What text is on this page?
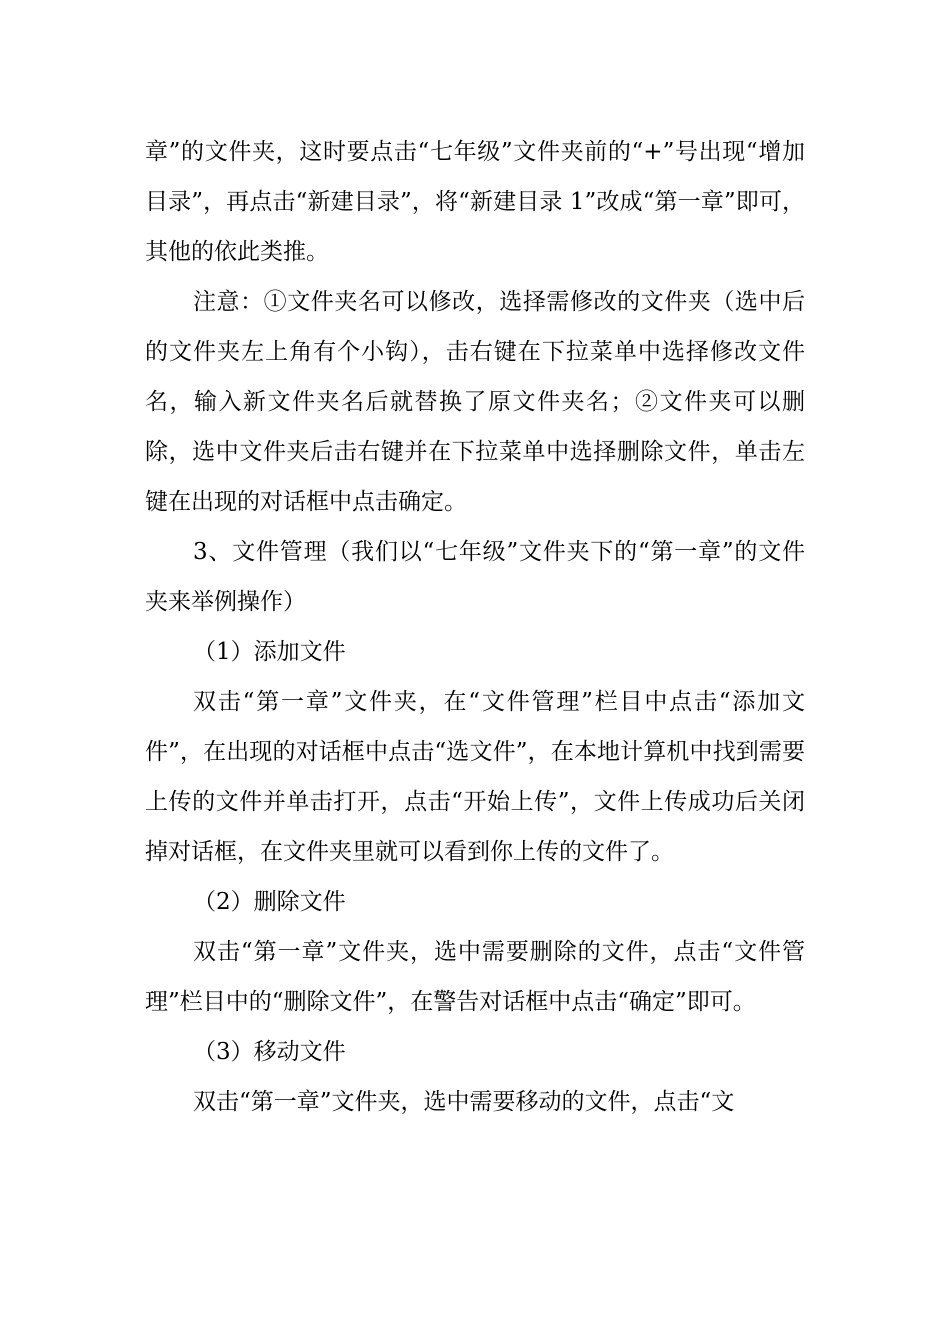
章”的文件夹，这时要点击“七年级”文件夹前的“+”号出现“增加目录”，再点击“新建目录”，将“新建目录 1”改成“第一章”即可，其他的依此类推。

注意：①文件夹名可以修改，选择需修改的文件夹（选中后的文件夹左上角有个小钩），击右键在下拉菜单中选择修改文件名，输入新文件夹名后就替换了原文件夹名；②文件夹可以删除，选中文件夹后击右键并在下拉菜单中选择删除文件，单击左键在出现的对话框中点击确定。

3、文件管理（我们以“七年级”文件夹下的“第一章”的文件夹来举例操作）

（1）添加文件

双击“第一章”文件夹，在“文件管理”栏目中点击“添加文件”，在出现的对话框中点击“选文件”，在本地计算机中找到需要上传的文件并单击打开，点击“开始上传”，文件上传成功后关闭掉对话框，在文件夹里就可以看到你上传的文件了。

（2）删除文件

双击“第一章”文件夹，选中需要删除的文件，点击“文件管理”栏目中的“删除文件”，在警告对话框中点击“确定”即可。

（3）移动文件

双击“第一章”文件夹，选中需要移动的文件，点击“文
